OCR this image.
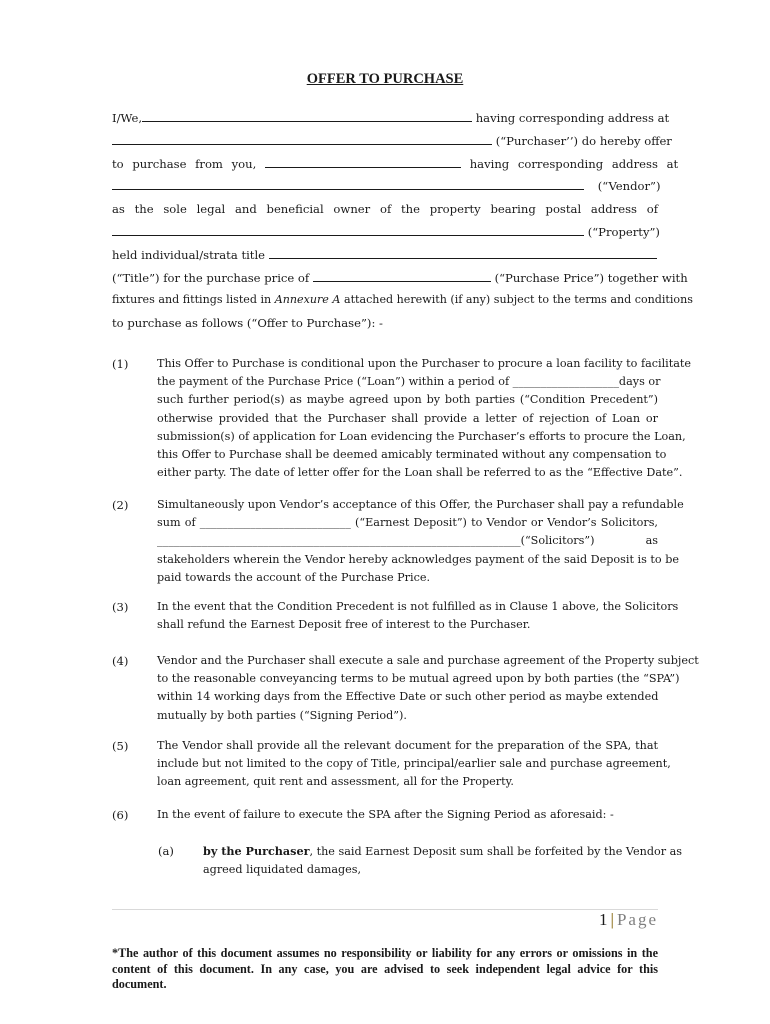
OFFER TO PURCHASE
I/We,	having corresponding address at
(“Purchaser’’) do hereby offer
to purchase from you,	having corresponding address at
(“Vendor”)
as the sole legal and beneficial owner of the property bearing postal address of
(“Property”)
held individual/strata title
(“Title”) for the purchase price of	(“Purchase Price”) together with
fixtures and fittings listed in Annexure A attached herewith (if any) subject to the terms and conditions
to purchase as follows (“Offer to Purchase”): -
(1)	This Offer to Purchase is conditional upon the Purchaser to procure a loan facility to facilitate
the payment of the Purchase Price (“Loan”) within a period of ___________________days or
such further period(s) as maybe agreed upon by both parties (“Condition Precedent”)
otherwise provided that the Purchaser shall provide a letter of rejection of Loan or
submission(s) of application for Loan evidencing the Purchaser’s efforts to procure the Loan,
this Offer to Purchase shall be deemed amicably terminated without any compensation to
either party. The date of letter offer for the Loan shall be referred to as the “Effective Date”.
(2)	Simultaneously upon Vendor’s acceptance of this Offer, the Purchaser shall pay a refundable
sum of ___________________________ (“Earnest Deposit”) to Vendor or Vendor’s Solicitors,
_________________________________________________________________(“Solicitors”) as
stakeholders wherein the Vendor hereby acknowledges payment of the said Deposit is to be
paid towards the account of the Purchase Price.
(3)	In the event that the Condition Precedent is not fulfilled as in Clause 1 above, the Solicitors
shall refund the Earnest Deposit free of interest to the Purchaser.
(4)	Vendor and the Purchaser shall execute a sale and purchase agreement of the Property subject
to the reasonable conveyancing terms to be mutual agreed upon by both parties (the “SPA”)
within 14 working days from the Effective Date or such other period as maybe extended
mutually by both parties (“Signing Period”).
(5)	The Vendor shall provide all the relevant document for the preparation of the SPA, that
include but not limited to the copy of Title, principal/earlier sale and purchase agreement,
loan agreement, quit rent and assessment, all for the Property.
(6)	In the event of failure to execute the SPA after the Signing Period as aforesaid: -
(a)	by the Purchaser, the said Earnest Deposit sum shall be forfeited by the Vendor as
agreed liquidated damages,
1 | Page
*The author of this document assumes no responsibility or liability for any errors or omissions in the content of this document. In any case, you are advised to seek independent legal advice for this document.
